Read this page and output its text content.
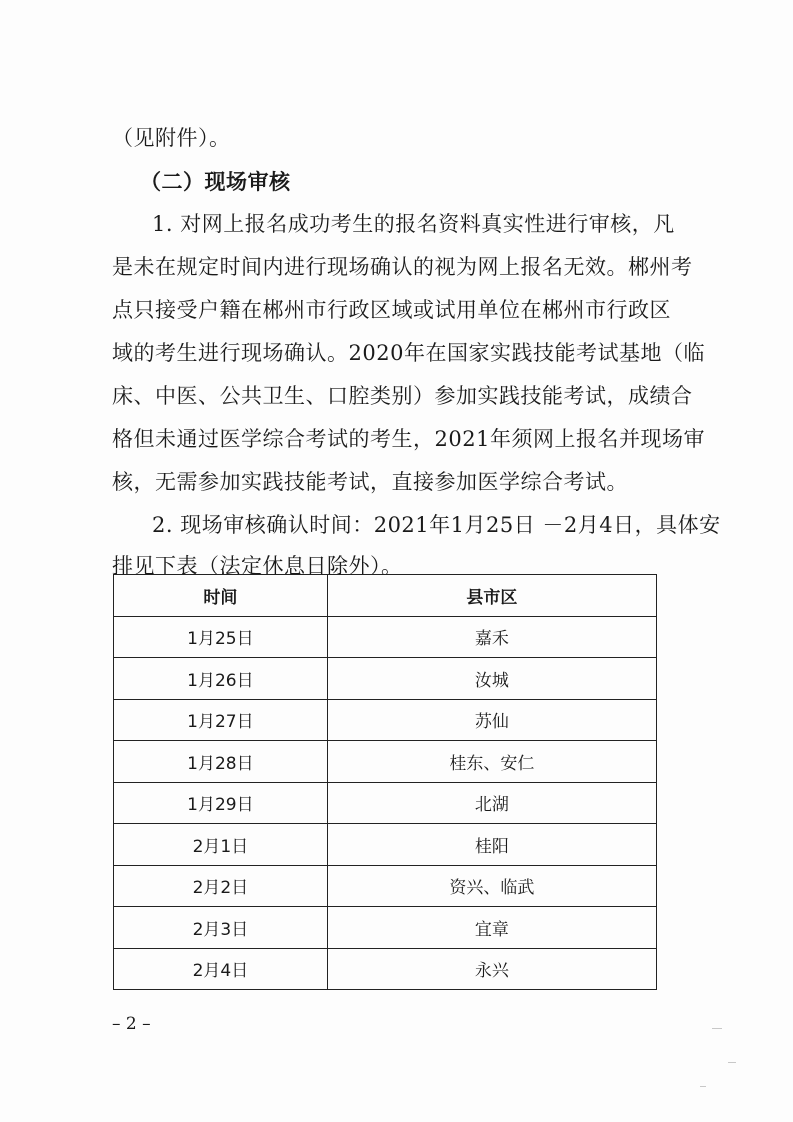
（见附件）。
（二）现场审核
1. 对网上报名成功考生的报名资料真实性进行审核，凡
是未在规定时间内进行现场确认的视为网上报名无效。郴州考
点只接受户籍在郴州市行政区域或试用单位在郴州市行政区
域的考生进行现场确认。2020年在国家实践技能考试基地（临
床、中医、公共卫生、口腔类别）参加实践技能考试，成绩合
格但未通过医学综合考试的考生，2021年须网上报名并现场审
核，无需参加实践技能考试，直接参加医学综合考试。
2. 现场审核确认时间：2021年1月25日 －2月4日，具体安
排见下表（法定休息日除外）。
时间	县市区
1月25日	嘉禾
1月26日	汝城
1月27日	苏仙
1月28日	桂东、安仁
1月29日	北湖
2月1日	桂阳
2月2日	资兴、临武
2月3日	宜章
2月4日	永兴
– 2 –
